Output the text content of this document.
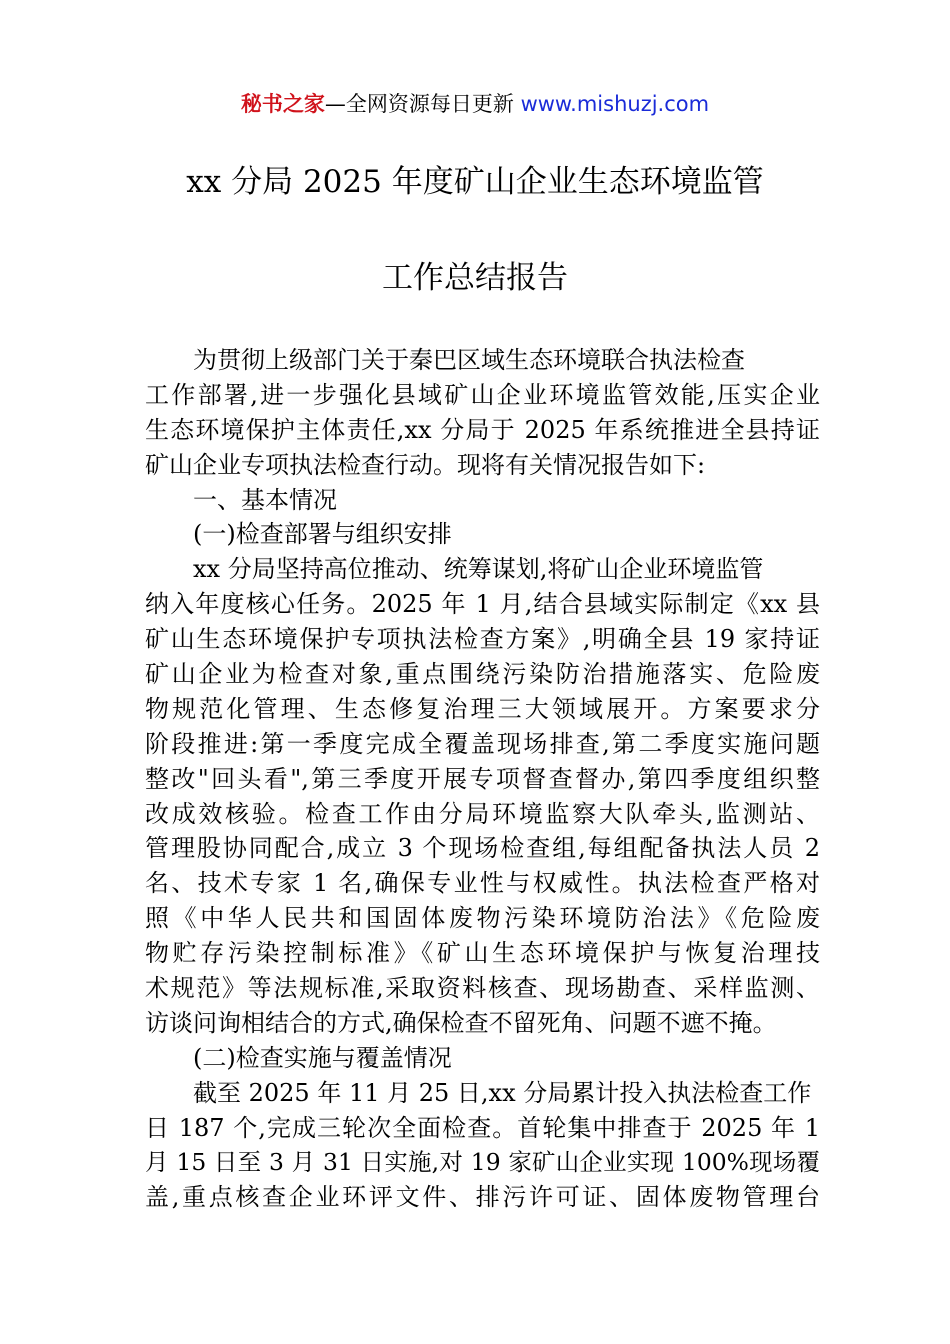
秘书之家—全网资源每日更新 www.mishuzj.com
xx 分局 2025 年度矿山企业生态环境监管
工作总结报告
为贯彻上级部门关于秦巴区域生态环境联合执法检查
工作部署,进一步强化县域矿山企业环境监管效能,压实企业
生态环境保护主体责任,xx 分局于 2025 年系统推进全县持证
矿山企业专项执法检查行动。现将有关情况报告如下:
一、基本情况
(一)检查部署与组织安排
xx 分局坚持高位推动、统筹谋划,将矿山企业环境监管
纳入年度核心任务。2025 年 1 月,结合县域实际制定《xx 县
矿山生态环境保护专项执法检查方案》,明确全县 19 家持证
矿山企业为检查对象,重点围绕污染防治措施落实、危险废
物规范化管理、生态修复治理三大领域展开。方案要求分
阶段推进:第一季度完成全覆盖现场排查,第二季度实施问题
整改"回头看",第三季度开展专项督查督办,第四季度组织整
改成效核验。检查工作由分局环境监察大队牵头,监测站、
管理股协同配合,成立 3 个现场检查组,每组配备执法人员 2
名、技术专家 1 名,确保专业性与权威性。执法检查严格对
照《中华人民共和国固体废物污染环境防治法》《危险废
物贮存污染控制标准》《矿山生态环境保护与恢复治理技
术规范》等法规标准,采取资料核查、现场勘查、采样监测、
访谈问询相结合的方式,确保检查不留死角、问题不遮不掩。
(二)检查实施与覆盖情况
截至 2025 年 11 月 25 日,xx 分局累计投入执法检查工作
日 187 个,完成三轮次全面检查。首轮集中排查于 2025 年 1
月 15 日至 3 月 31 日实施,对 19 家矿山企业实现 100%现场覆
盖,重点核查企业环评文件、排污许可证、固体废物管理台
